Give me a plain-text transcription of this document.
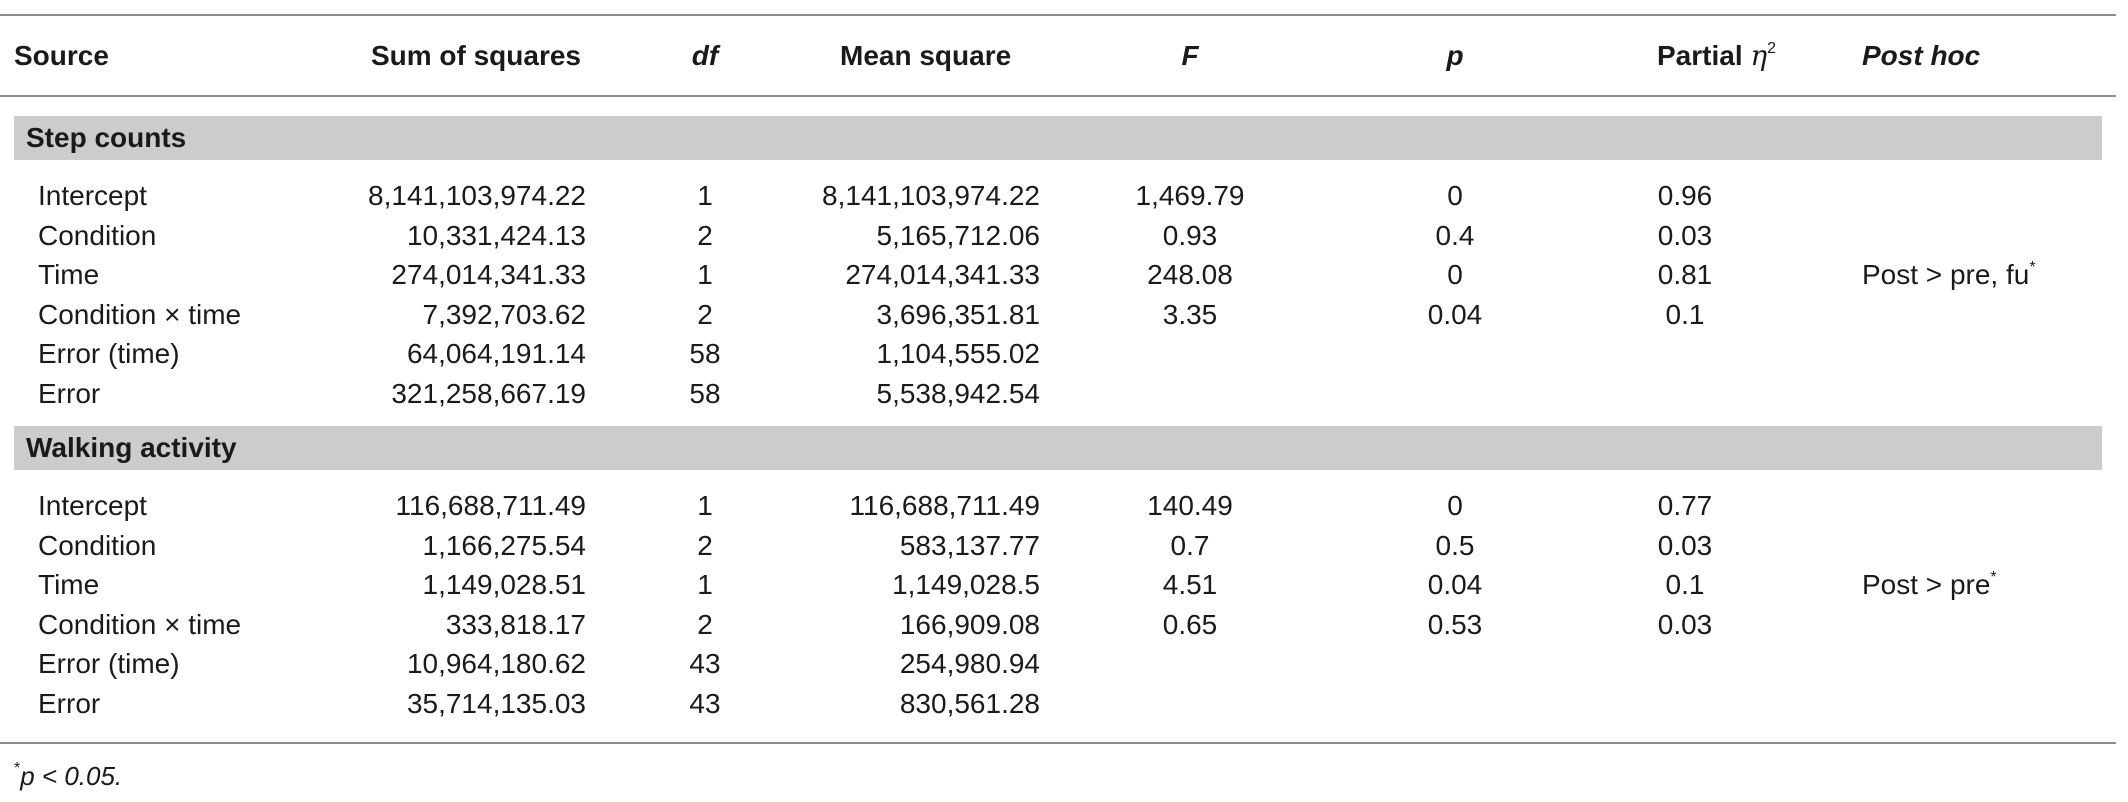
Source	Sum of squares	df	Mean square	F	p	Partial $\eta^2$	Post hoc
Step counts
Intercept	8,141,103,974.22	1	8,141,103,974.22	1,469.79	0	0.96
Condition	10,331,424.13	2	5,165,712.06	0.93	0.4	0.03
Time	274,014,341.33	1	274,014,341.33	248.08	0	0.81	Post > pre, fu*
Condition × time	7,392,703.62	2	3,696,351.81	3.35	0.04	0.1
Error (time)	64,064,191.14	58	1,104,555.02
Error	321,258,667.19	58	5,538,942.54
Walking activity
Intercept	116,688,711.49	1	116,688,711.49	140.49	0	0.77
Condition	1,166,275.54	2	583,137.77	0.7	0.5	0.03
Time	1,149,028.51	1	1,149,028.5	4.51	0.04	0.1	Post > pre*
Condition × time	333,818.17	2	166,909.08	0.65	0.53	0.03
Error (time)	10,964,180.62	43	254,980.94
Error	35,714,135.03	43	830,561.28
*p < 0.05.
